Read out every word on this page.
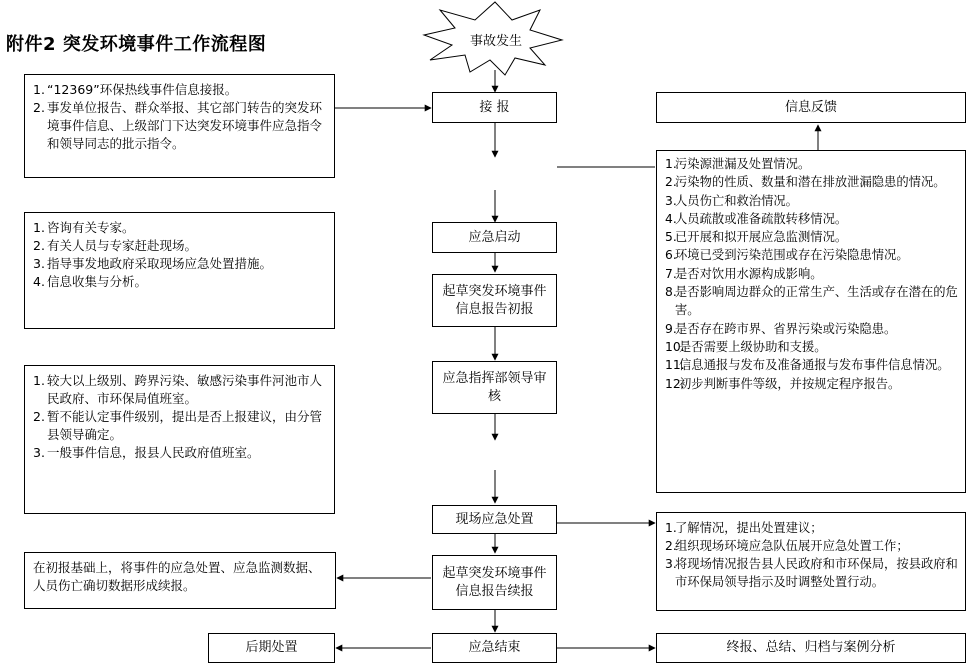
附件2 突发环境事件工作流程图	事故发生
接 报
应急启动
起草突发环境事件信息报告初报
应急指挥部领导审核
现场应急处置
起草突发环境事件信息报告续报
应急结束
信息反馈
1.
污染源泄漏及处置情况。
2.
污染物的性质、数量和潜在排放泄漏隐患的情况。
3.
人员伤亡和救治情况。
4.
人员疏散或准备疏散转移情况。
5.
已开展和拟开展应急监测情况。
6.
环境已受到污染范围或存在污染隐患情况。
7.
是否对饮用水源构成影响。
8.
是否影响周边群众的正常生产、生活或存在潜在的危害。
9.
是否存在跨市界、省界污染或污染隐患。
10.
是否需要上级协助和支援。
11.
信息通报与发布及准备通报与发布事件信息情况。
12.
初步判断事件等级，并按规定程序报告。
1.
了解情况，提出处置建议；
2.
组织现场环境应急队伍展开应急处置工作；
3.
将现场情况报告县人民政府和市环保局，按县政府和市环保局领导指示及时调整处置行动。
终报、总结、归档与案例分析
1. “12369”环保热线事件信息接报。
2. 事发单位报告、群众举报、其它部门转告的突发环境事件信息、上级部门下达突发环境事件应急指令和领导同志的批示指令。
1. 咨询有关专家。
2. 有关人员与专家赶赴现场。
3. 指导事发地政府采取现场应急处置措施。
4. 信息收集与分析。
1. 较大以上级别、跨界污染、敏感污染事件河池市人民政府、市环保局值班室。
2. 暂不能认定事件级别，提出是否上报建议，由分管县领导确定。
3. 一般事件信息，报县人民政府值班室。
在初报基础上，将事件的应急处置、应急监测数据、人员伤亡确切数据形成续报。
后期处置
